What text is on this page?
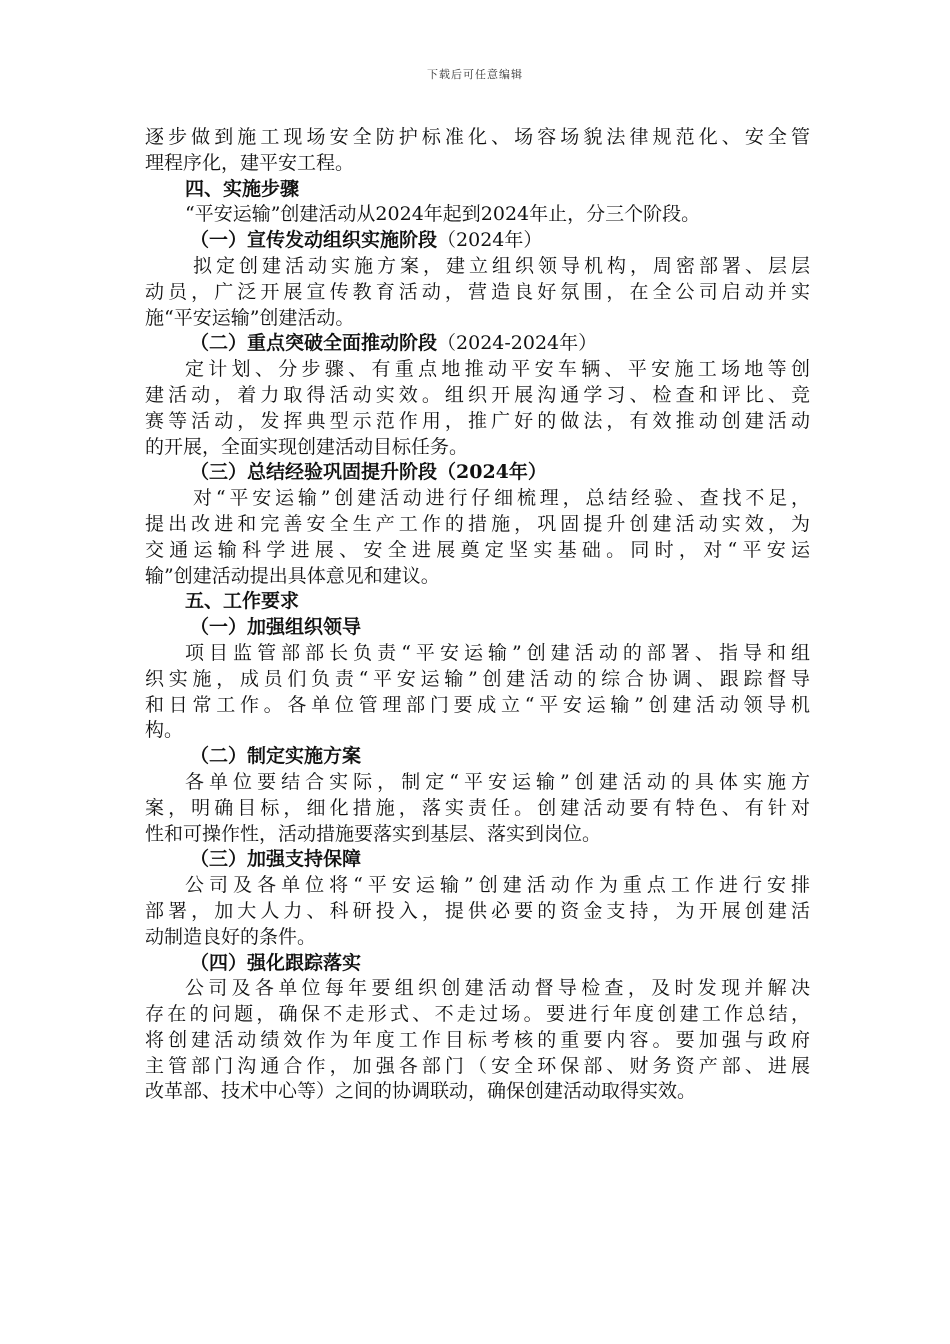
下载后可任意编辑
逐步做到施工现场安全防护标准化、场容场貌法律规范化、安全管
理程序化，建平安工程。
四、实施步骤
“平安运输”创建活动从2024年起到2024年止，分三个阶段。
（一）宣传发动组织实施阶段（2024年）
拟定创建活动实施方案，建立组织领导机构，周密部署、层层
动员，广泛开展宣传教育活动，营造良好氛围，在全公司启动并实
施“平安运输”创建活动。
（二）重点突破全面推动阶段（2024-2024年）
定计划、分步骤、有重点地推动平安车辆、平安施工场地等创
建活动，着力取得活动实效。组织开展沟通学习、检查和评比、竞
赛等活动，发挥典型示范作用，推广好的做法，有效推动创建活动
的开展，全面实现创建活动目标任务。
（三）总结经验巩固提升阶段（2024年）
对“平安运输”创建活动进行仔细梳理，总结经验、查找不足，
提出改进和完善安全生产工作的措施，巩固提升创建活动实效，为
交通运输科学进展、安全进展奠定坚实基础。同时，对“平安运
输”创建活动提出具体意见和建议。
五、工作要求
（一）加强组织领导
项目监管部部长负责“平安运输”创建活动的部署、指导和组
织实施，成员们负责“平安运输”创建活动的综合协调、跟踪督导
和日常工作。各单位管理部门要成立“平安运输”创建活动领导机
构。
（二）制定实施方案
各单位要结合实际，制定“平安运输”创建活动的具体实施方
案，明确目标，细化措施，落实责任。创建活动要有特色、有针对
性和可操作性，活动措施要落实到基层、落实到岗位。
（三）加强支持保障
公司及各单位将“平安运输”创建活动作为重点工作进行安排
部署，加大人力、科研投入，提供必要的资金支持，为开展创建活
动制造良好的条件。
（四）强化跟踪落实
公司及各单位每年要组织创建活动督导检查，及时发现并解决
存在的问题，确保不走形式、不走过场。要进行年度创建工作总结，
将创建活动绩效作为年度工作目标考核的重要内容。要加强与政府
主管部门沟通合作，加强各部门（安全环保部、财务资产部、进展
改革部、技术中心等）之间的协调联动，确保创建活动取得实效。
